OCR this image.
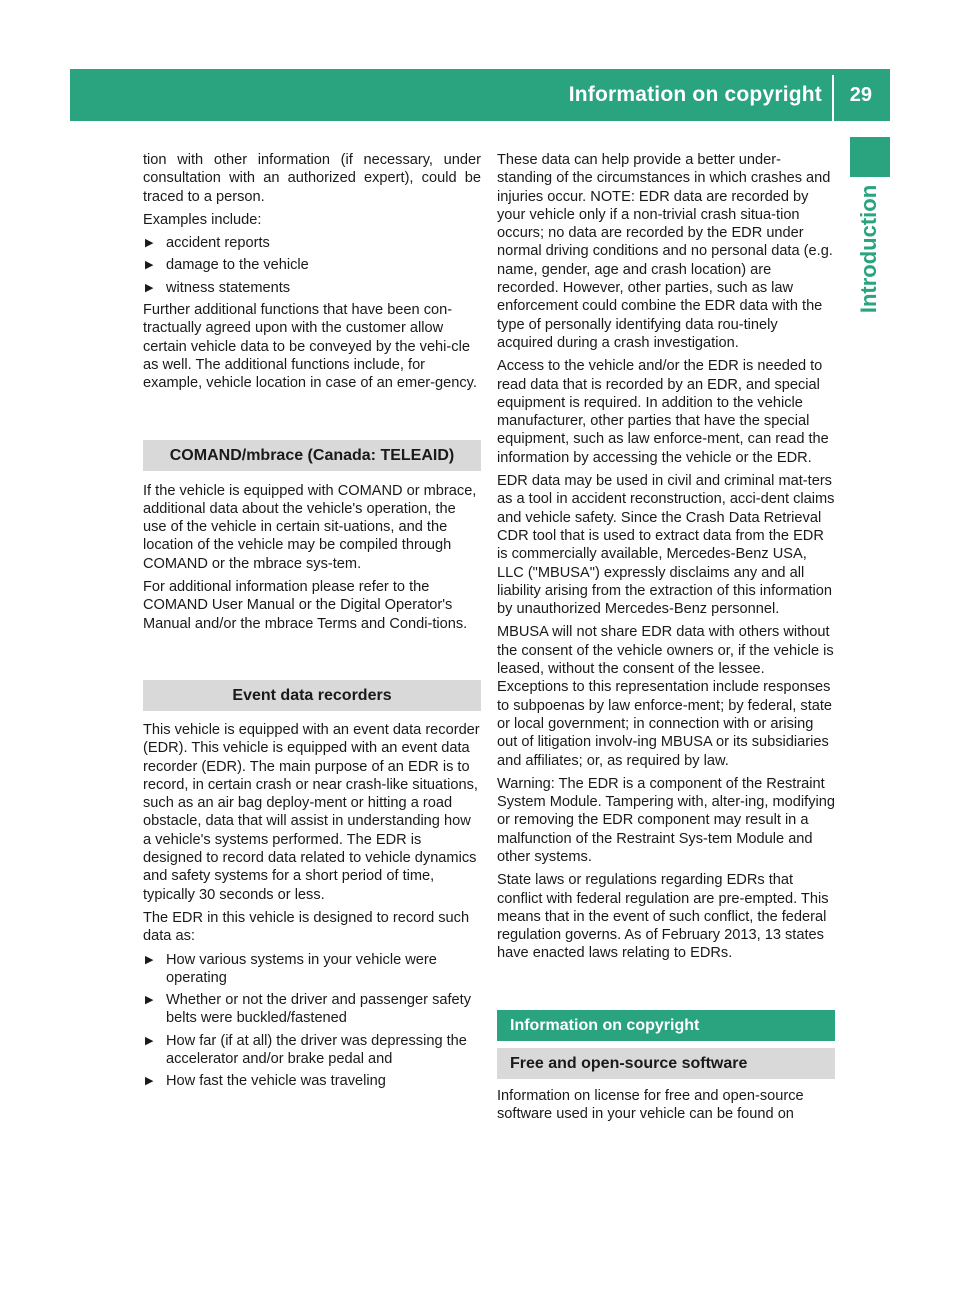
Information on copyright 29
Introduction

tion with other information (if necessary, under consultation with an authorized expert), could be traced to a person.

Examples include:

▶ accident reports
▶ damage to the vehicle
▶ witness statements

Further additional functions that have been con-tractually agreed upon with the customer allow certain vehicle data to be conveyed by the vehi-cle as well. The additional functions include, for example, vehicle location in case of an emer-gency.

COMAND/mbrace (Canada: TELEAID)

If the vehicle is equipped with COMAND or mbrace, additional data about the vehicle's operation, the use of the vehicle in certain sit-uations, and the location of the vehicle may be compiled through COMAND or the mbrace sys-tem.

For additional information please refer to the COMAND User Manual or the Digital Operator's Manual and/or the mbrace Terms and Condi-tions.

Event data recorders

This vehicle is equipped with an event data recorder (EDR). This vehicle is equipped with an event data recorder (EDR). The main purpose of an EDR is to record, in certain crash or near crash-like situations, such as an air bag deploy-ment or hitting a road obstacle, data that will assist in understanding how a vehicle's systems performed. The EDR is designed to record data related to vehicle dynamics and safety systems for a short period of time, typically 30 seconds or less.

The EDR in this vehicle is designed to record such data as:

▶ How various systems in your vehicle were operating
▶ Whether or not the driver and passenger safety belts were buckled/fastened
▶ How far (if at all) the driver was depressing the accelerator and/or brake pedal and
▶ How fast the vehicle was traveling

These data can help provide a better under-standing of the circumstances in which crashes and injuries occur. NOTE: EDR data are recorded by your vehicle only if a non-trivial crash situa-tion occurs; no data are recorded by the EDR under normal driving conditions and no personal data (e.g. name, gender, age and crash location) are recorded. However, other parties, such as law enforcement could combine the EDR data with the type of personally identifying data rou-tinely acquired during a crash investigation.

Access to the vehicle and/or the EDR is needed to read data that is recorded by an EDR, and special equipment is required. In addition to the vehicle manufacturer, other parties that have the special equipment, such as law enforce-ment, can read the information by accessing the vehicle or the EDR.

EDR data may be used in civil and criminal mat-ters as a tool in accident reconstruction, acci-dent claims and vehicle safety. Since the Crash Data Retrieval CDR tool that is used to extract data from the EDR is commercially available, Mercedes-Benz USA, LLC ("MBUSA") expressly disclaims any and all liability arising from the extraction of this information by unauthorized Mercedes-Benz personnel.

MBUSA will not share EDR data with others without the consent of the vehicle owners or, if the vehicle is leased, without the consent of the lessee. Exceptions to this representation include responses to subpoenas by law enforce-ment; by federal, state or local government; in connection with or arising out of litigation involv-ing MBUSA or its subsidiaries and affiliates; or, as required by law.

Warning: The EDR is a component of the Restraint System Module. Tampering with, alter-ing, modifying or removing the EDR component may result in a malfunction of the Restraint Sys-tem Module and other systems.

State laws or regulations regarding EDRs that conflict with federal regulation are pre-empted. This means that in the event of such conflict, the federal regulation governs. As of February 2013, 13 states have enacted laws relating to EDRs.

Information on copyright
Free and open-source software

Information on license for free and open-source software used in your vehicle can be found on
